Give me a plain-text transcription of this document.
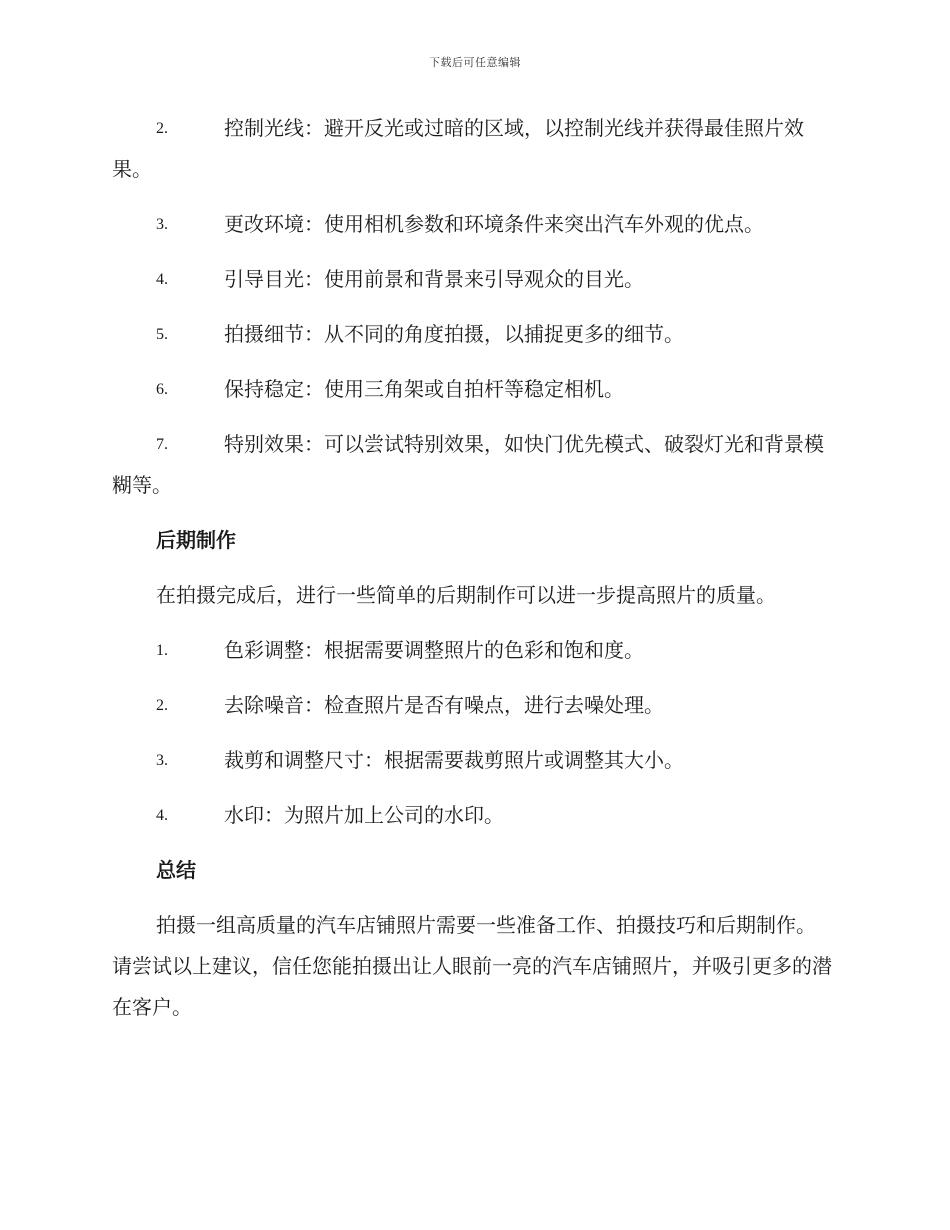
下载后可任意编辑
2.	控制光线：避开反光或过暗的区域，以控制光线并获得最佳照片效果。
3.	更改环境：使用相机参数和环境条件来突出汽车外观的优点。
4.	引导目光：使用前景和背景来引导观众的目光。
5.	拍摄细节：从不同的角度拍摄，以捕捉更多的细节。
6.	保持稳定：使用三角架或自拍杆等稳定相机。
7.	特别效果：可以尝试特别效果，如快门优先模式、破裂灯光和背景模糊等。
后期制作
在拍摄完成后，进行一些简单的后期制作可以进一步提高照片的质量。
1.	色彩调整：根据需要调整照片的色彩和饱和度。
2.	去除噪音：检查照片是否有噪点，进行去噪处理。
3.	裁剪和调整尺寸：根据需要裁剪照片或调整其大小。
4.	水印：为照片加上公司的水印。
总结
拍摄一组高质量的汽车店铺照片需要一些准备工作、拍摄技巧和后期制作。请尝试以上建议，信任您能拍摄出让人眼前一亮的汽车店铺照片，并吸引更多的潜在客户。
